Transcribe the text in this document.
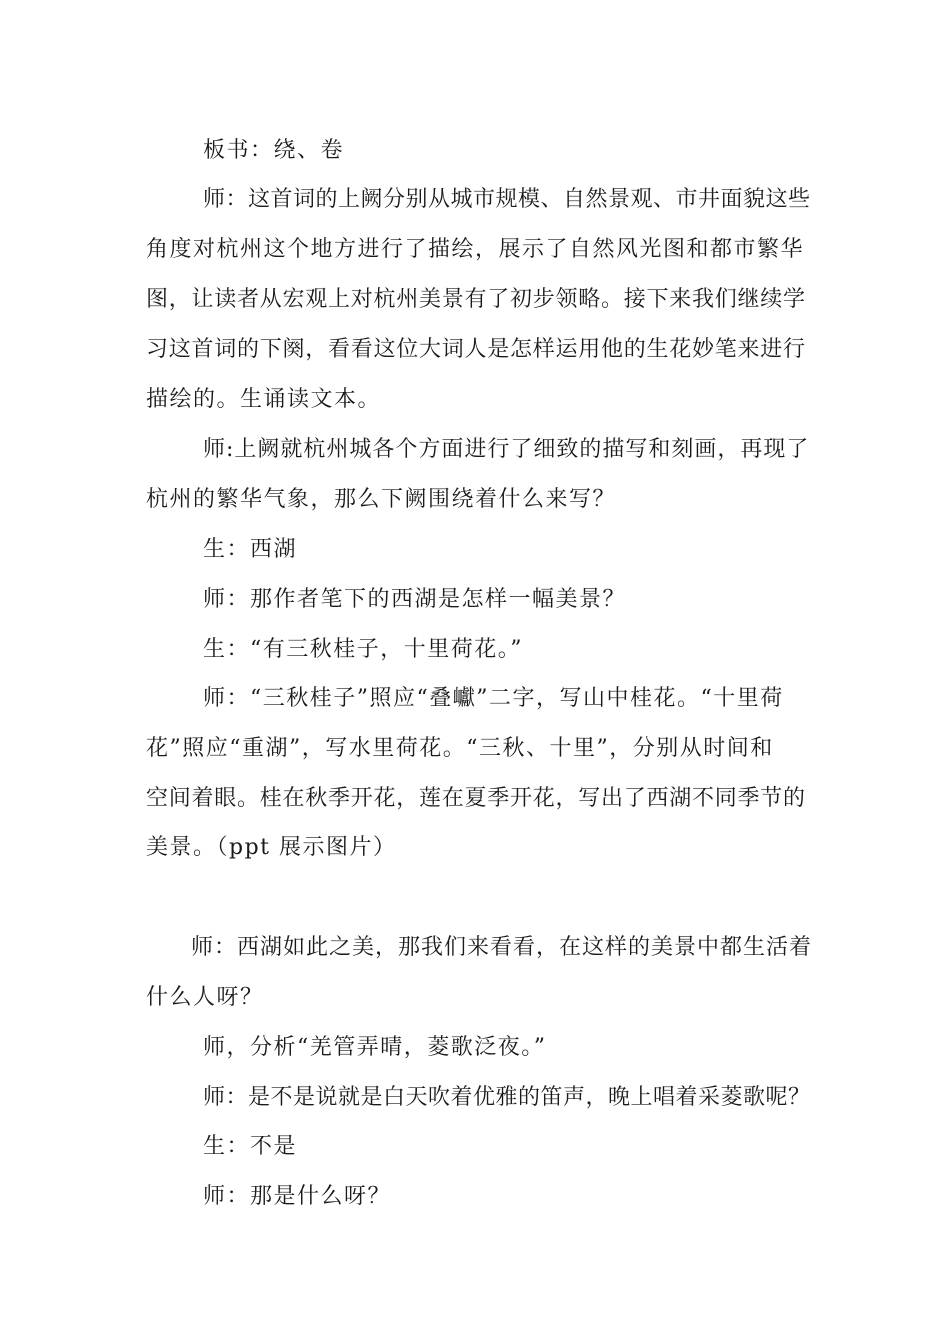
板书：绕、卷
师：这首词的上阙分别从城市规模、自然景观、市井面貌这些
角度对杭州这个地方进行了描绘，展示了自然风光图和都市繁华
图，让读者从宏观上对杭州美景有了初步领略。接下来我们继续学
习这首词的下阕，看看这位大词人是怎样运用他的生花妙笔来进行
描绘的。生诵读文本。
师:上阙就杭州城各个方面进行了细致的描写和刻画，再现了
杭州的繁华气象，那么下阙围绕着什么来写？
生：西湖
师：那作者笔下的西湖是怎样一幅美景？
生：“有三秋桂子，十里荷花。”
师：“三秋桂子”照应“叠巘”二字，写山中桂花。“十里荷
花”照应“重湖”，写水里荷花。“三秋、十里”，分别从时间和
空间着眼。桂在秋季开花，莲在夏季开花，写出了西湖不同季节的
美景。（ppt 展示图片）
师：西湖如此之美，那我们来看看，在这样的美景中都生活着
什么人呀？
师，分析“羌管弄晴，菱歌泛夜。”
师：是不是说就是白天吹着优雅的笛声，晚上唱着采菱歌呢？
生：不是
师：那是什么呀？
